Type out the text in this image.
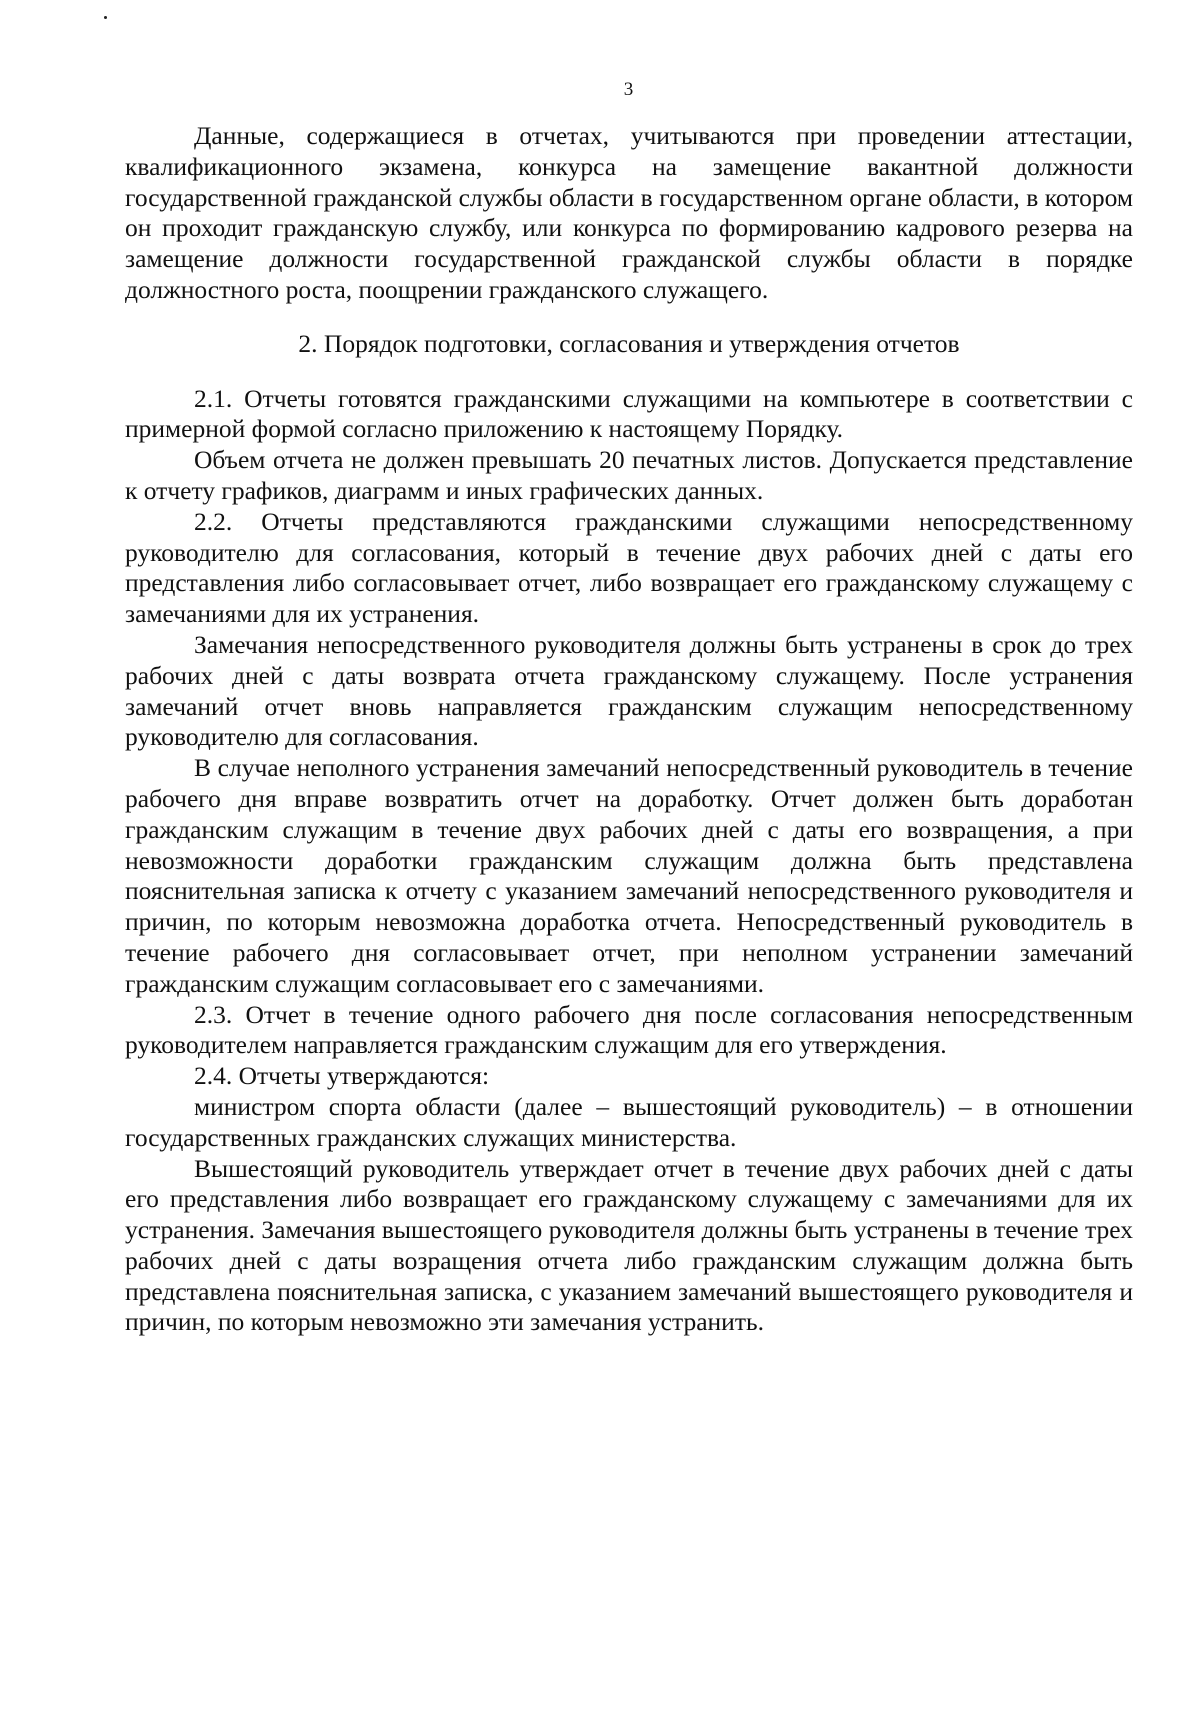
3

Данные, содержащиеся в отчетах, учитываются при проведении аттестации, квалификационного экзамена, конкурса на замещение вакантной должности государственной гражданской службы области в государственном органе области, в котором он проходит гражданскую службу, или конкурса по формированию кадрового резерва на замещение должности государственной гражданской службы области в порядке должностного роста, поощрении гражданского служащего.

2. Порядок подготовки, согласования и утверждения отчетов

2.1. Отчеты готовятся гражданскими служащими на компьютере в соответствии с примерной формой согласно приложению к настоящему Порядку.

Объем отчета не должен превышать 20 печатных листов. Допускается представление к отчету графиков, диаграмм и иных графических данных.

2.2. Отчеты представляются гражданскими служащими непосредственному руководителю для согласования, который в течение двух рабочих дней с даты его представления либо согласовывает отчет, либо возвращает его гражданскому служащему с замечаниями для их устранения.

Замечания непосредственного руководителя должны быть устранены в срок до трех рабочих дней с даты возврата отчета гражданскому служащему. После устранения замечаний отчет вновь направляется гражданским служащим непосредственному руководителю для согласования.

В случае неполного устранения замечаний непосредственный руководитель в течение рабочего дня вправе возвратить отчет на доработку. Отчет должен быть доработан гражданским служащим в течение двух рабочих дней с даты его возвращения, а при невозможности доработки гражданским служащим должна быть представлена пояснительная записка к отчету с указанием замечаний непосредственного руководителя и причин, по которым невозможна доработка отчета. Непосредственный руководитель в течение рабочего дня согласовывает отчет, при неполном устранении замечаний гражданским служащим согласовывает его с замечаниями.

2.3. Отчет в течение одного рабочего дня после согласования непосредственным руководителем направляется гражданским служащим для его утверждения.

2.4. Отчеты утверждаются:

министром спорта области (далее – вышестоящий руководитель) – в отношении государственных гражданских служащих министерства.

Вышестоящий руководитель утверждает отчет в течение двух рабочих дней с даты его представления либо возвращает его гражданскому служащему с замечаниями для их устранения. Замечания вышестоящего руководителя должны быть устранены в течение трех рабочих дней с даты возращения отчета либо гражданским служащим должна быть представлена пояснительная записка, с указанием замечаний вышестоящего руководителя и причин, по которым невозможно эти замечания устранить.
